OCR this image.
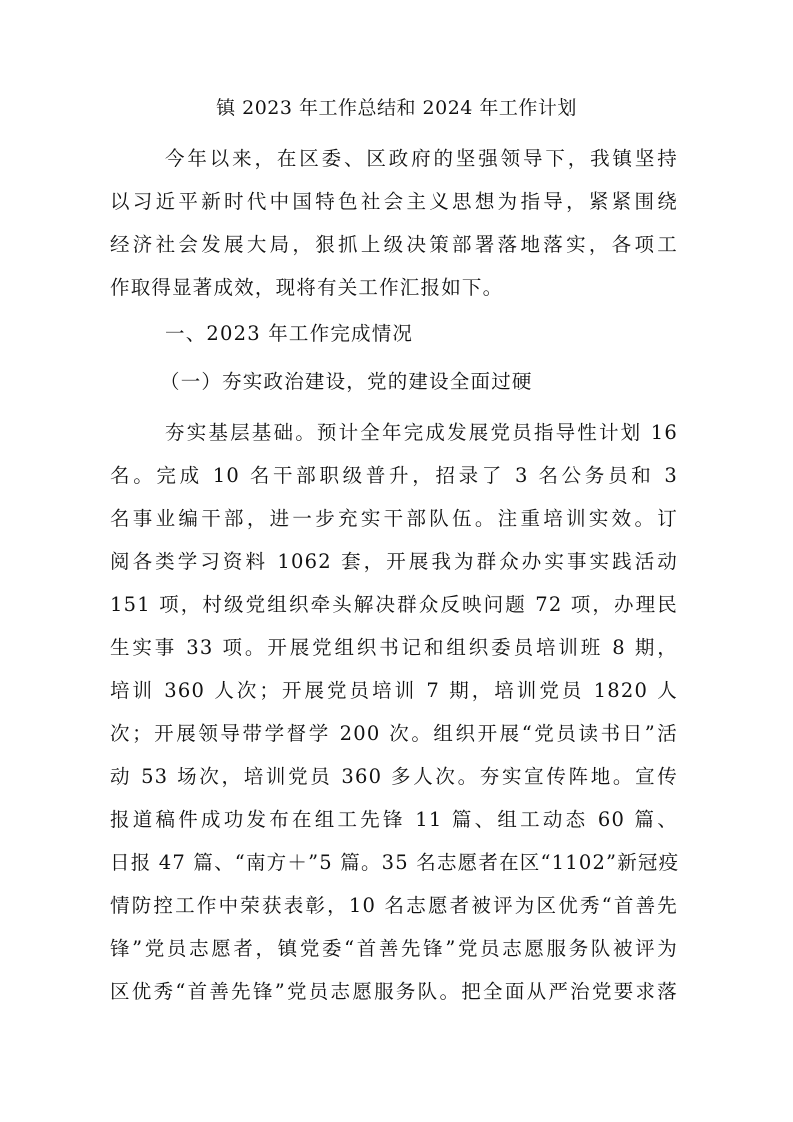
镇 2023 年工作总结和 2024 年工作计划
今年以来，在区委、区政府的坚强领导下，我镇坚持
以习近平新时代中国特色社会主义思想为指导，紧紧围绕
经济社会发展大局，狠抓上级决策部署落地落实，各项工
作取得显著成效，现将有关工作汇报如下。
一、2023 年工作完成情况
（一）夯实政治建设，党的建设全面过硬
夯实基层基础。预计全年完成发展党员指导性计划 16
名。完成 10 名干部职级普升，招录了 3 名公务员和 3
名事业编干部，进一步充实干部队伍。注重培训实效。订
阅各类学习资料 1062 套，开展我为群众办实事实践活动
151 项，村级党组织牵头解决群众反映问题 72 项，办理民
生实事 33 项。开展党组织书记和组织委员培训班 8 期，
培训 360 人次；开展党员培训 7 期，培训党员 1820 人
次；开展领导带学督学 200 次。组织开展“党员读书日”活
动 53 场次，培训党员 360 多人次。夯实宣传阵地。宣传
报道稿件成功发布在组工先锋 11 篇、组工动态 60 篇、
日报 47 篇、“南方＋”5 篇。35 名志愿者在区“1102”新冠疫
情防控工作中荣获表彰，10 名志愿者被评为区优秀“首善先
锋”党员志愿者，镇党委“首善先锋”党员志愿服务队被评为
区优秀“首善先锋”党员志愿服务队。把全面从严治党要求落
